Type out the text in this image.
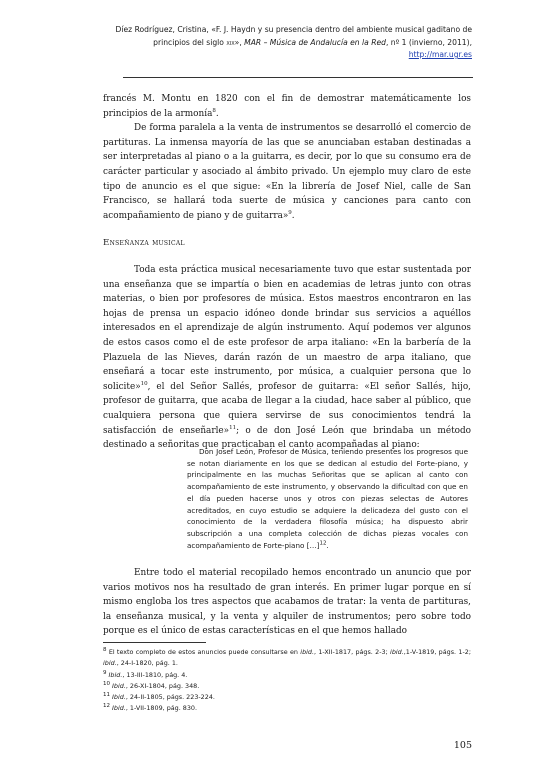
Díez Rodríguez, Cristina, «F. J. Haydn y su presencia dentro del ambiente musical gaditano de
principios del siglo xix», MAR – Música de Andalucía en la Red, nº 1 (invierno, 2011),
http://mar.ugr.es
francés M. Montu en 1820 con el fin de demostrar matemáticamente los principios de la armonía$^8$.
De forma paralela a la venta de instrumentos se desarrolló el comercio de partituras. La inmensa mayoría de las que se anunciaban estaban destinadas a ser interpretadas al piano o a la guitarra, es decir, por lo que su consumo era de carácter particular y asociado al ámbito privado. Un ejemplo muy claro de este tipo de anuncio es el que sigue: «En la librería de Josef Niel, calle de San Francisco, se hallará toda suerte de música y canciones para canto con acompañamiento de piano y de guitarra»$^9$.
Enseñanza musical
Toda esta práctica musical necesariamente tuvo que estar sustentada por una enseñanza que se impartía o bien en academias de letras junto con otras materias, o bien por profesores de música. Estos maestros encontraron en las hojas de prensa un espacio idóneo donde brindar sus servicios a aquéllos interesados en el aprendizaje de algún instrumento. Aquí podemos ver algunos de estos casos como el de este profesor de arpa italiano: «En la barbería de la Plazuela de las Nieves, darán razón de un maestro de arpa italiano, que enseñará a tocar este instrumento, por música, a cualquier persona que lo solicite»$^{10}$, el del Señor Sallés, profesor de guitarra: «El señor Sallés, hijo, profesor de guitarra, que acaba de llegar a la ciudad, hace saber al público, que cualquiera persona que quiera servirse de sus conocimientos tendrá la satisfacción de enseñarle»$^{11}$; o de don José León que brindaba un método destinado a señoritas que practicaban el canto acompañadas al piano:
Don Josef León, Profesor de Música, teniendo presentes los progresos que se notan diariamente en los que se dedican al estudio del Forte-piano, y principalmente en las muchas Señoritas que se aplican al canto con acompañamiento de este instrumento, y observando la dificultad con que en el día pueden hacerse unos y otros con piezas selectas de Autores acreditados, en cuyo estudio se adquiere la delicadeza del gusto con el conocimiento de la verdadera filosofía música; ha dispuesto abrir subscripción a una completa colección de dichas piezas vocales con acompañamiento de Forte-piano […]$^{12}$.
Entre todo el material recopilado hemos encontrado un anuncio que por varios motivos nos ha resultado de gran interés. En primer lugar porque en sí mismo engloba los tres aspectos que acabamos de tratar: la venta de partituras, la enseñanza musical, y la venta y alquiler de instrumentos; pero sobre todo porque es el único de estas características en el que hemos hallado

$^8$ El texto completo de estos anuncios puede consultarse en ibid., 1-XII-1817, págs. 2-3; ibid.,1-V-1819, págs. 1-2; ibid., 24-I-1820, pág. 1.

$^9$ Ibid., 13-III-1810, pág. 4.

$^{10}$ Ibid., 26-XI-1804, pág. 348.

$^{11}$ Ibid., 24-II-1805, págs. 223-224.

$^{12}$ Ibid., 1-VII-1809, pág. 830.

105
